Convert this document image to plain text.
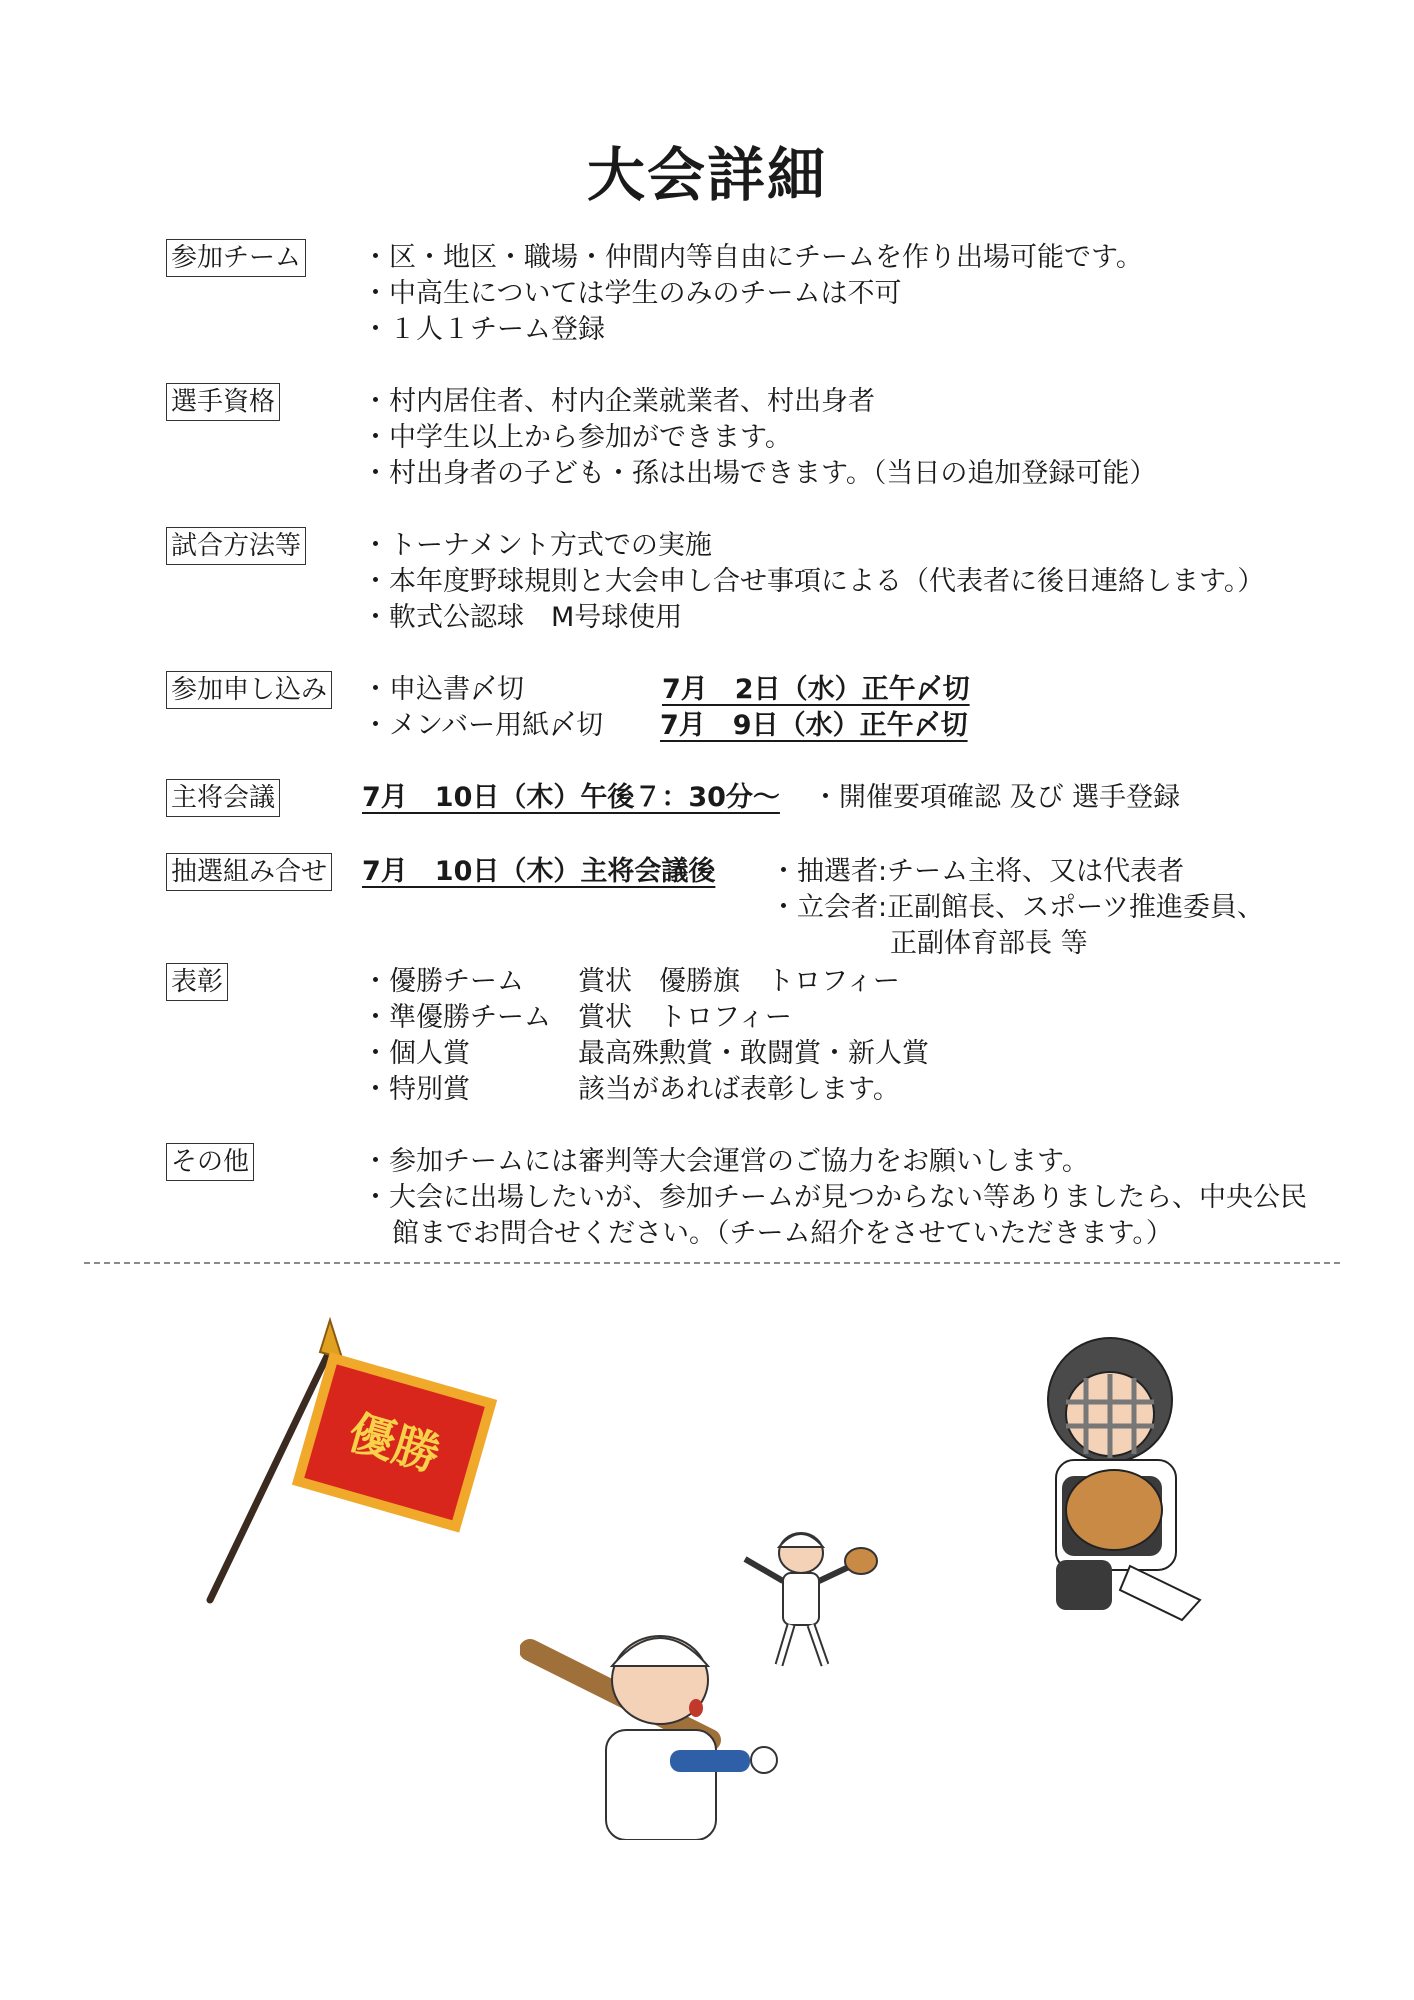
大会詳細
参加チーム ・区・地区・職場・仲間内等自由にチームを作り出場可能です。
・中高生については学生のみのチームは不可
・１人１チーム登録
選手資格	・村内居住者、村内企業就業者、村出身者
・中学生以上から参加ができます。
・村出身者の子ども・孫は出場できます。（当日の追加登録可能）
試合方法等 ・トーナメント方式での実施
・本年度野球規則と大会申し合せ事項による（代表者に後日連絡します。）
・軟式公認球　M号球使用
参加申し込み ・申込書〆切	7月　2日（水）正午〆切
・メンバー用紙〆切 7月　9日（水）正午〆切
主将会議	7月　10日（木）午後７：30分～ ・開催要項確認 及び 選手登録
抽選組み合せ 7月　10日（木）主将会議後 ・抽選者:チーム主将、又は代表者
・立会者:正副館長、スポーツ推進委員、
正副体育部長 等
表彰	・優勝チーム 賞状　優勝旗　トロフィー
・準優勝チーム 賞状　トロフィー
・個人賞	最高殊勲賞・敢闘賞・新人賞
・特別賞	該当があれば表彰します。
その他	・参加チームには審判等大会運営のご協力をお願いします。
・大会に出場したいが、参加チームが見つからない等ありましたら、中央公民
館までお問合せください。（チーム紹介をさせていただきます。）
優勝
